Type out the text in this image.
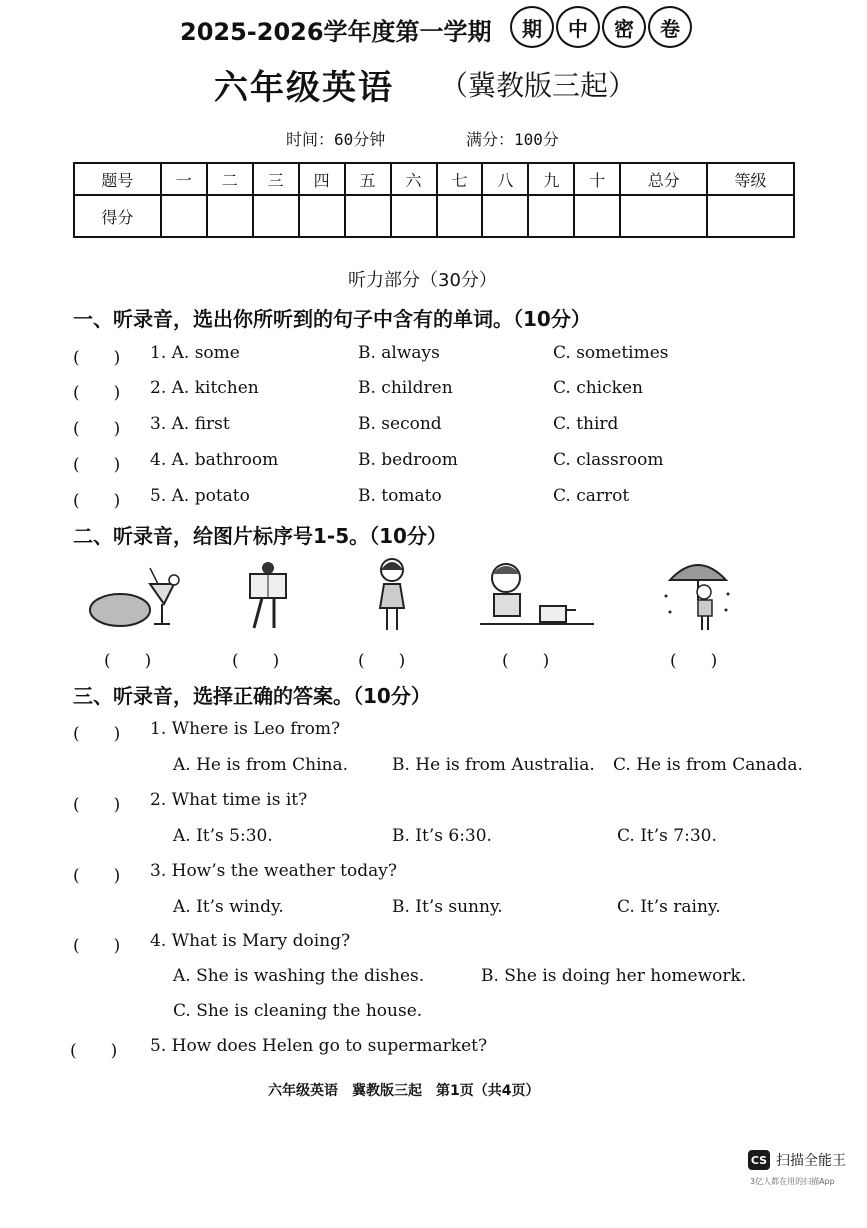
2025-2026学年度第一学期	期	中	密	卷
六年级英语 （冀教版三起）
时间：60分钟	满分：100分
题号	一	二	三	四	五	六	七	八	九	十	总分	等级
得分												
听力部分（30分）
一、听录音，选出你所听到的句子中含有的单词。（10分）
(　　) 1. A. some	B. always	C. sometimes
(　　) 2. A. kitchen	B. children	C. chicken
(　　) 3. A. first	B. second	C. third
(　　) 4. A. bathroom	B. bedroom	C. classroom
(　　) 5. A. potato	B. tomato	C. carrot
二、听录音，给图片标序号1-5。（10分）
(　　)	(　　)	(　　)	(　　)	(　　)
三、听录音，选择正确的答案。（10分）
(　　) 1. Where is Leo from?
A. He is from China.	B. He is from Australia. C. He is from Canada.
(　　) 2. What time is it?
A. It’s 5:30.	B. It’s 6:30.	C. It’s 7:30.
(　　) 3. How’s the weather today?
A. It’s windy.	B. It’s sunny.	C. It’s rainy.
(　　) 4. What is Mary doing?
A. She is washing the dishes.	B. She is doing her homework.
C. She is cleaning the house.
(　　) 5. How does Helen go to supermarket?
六年级英语　冀教版三起　第1页（共4页）
CS 扫描全能王
3亿人都在用的扫描App
